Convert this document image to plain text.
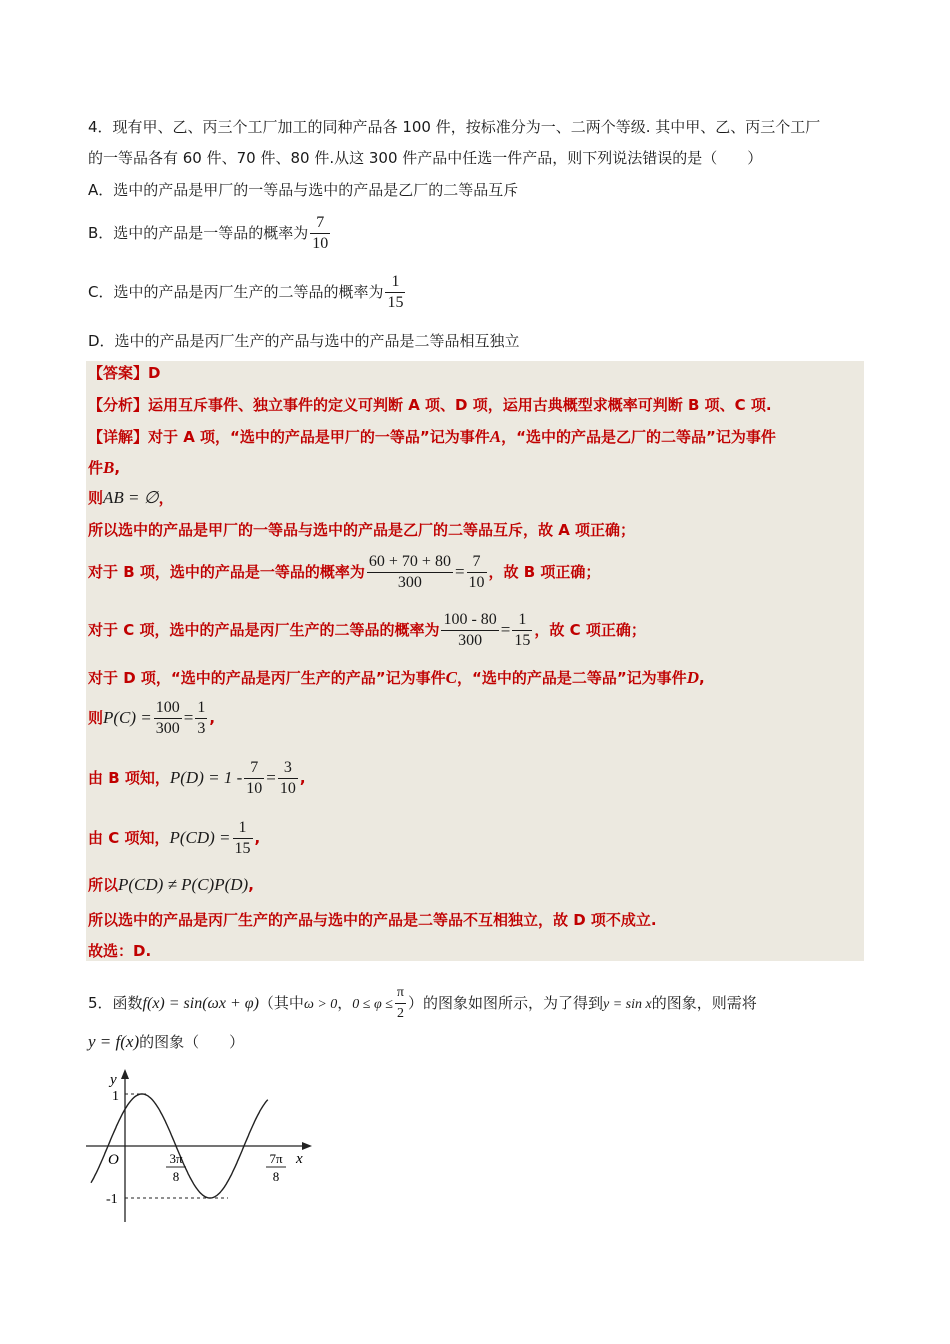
4．现有甲、乙、丙三个工厂加工的同种产品各 100 件，按标准分为一、二两个等级. 其中甲、乙、丙三个工厂
的一等品各有 60 件、70 件、80 件.从这 300 件产品中任选一件产品，则下列说法错误的是（　　）
A．选中的产品是甲厂的一等品与选中的产品是乙厂的二等品互斥
B．选中的产品是一等品的概率为 $\frac{7}{10}$
C．选中的产品是丙厂生产的二等品的概率为 $\frac{1}{15}$
D．选中的产品是丙厂生产的产品与选中的产品是二等品相互独立
【答案】D
【分析】运用互斥事件、独立事件的定义可判断 A 项、D 项，运用古典概型求概率可判断 B 项、C 项.
【详解】对于 A 项，“选中的产品是甲厂的一等品”记为事件A，“选中的产品是乙厂的二等品”记为事件
件B,
则AB = ∅，
所以选中的产品是甲厂的一等品与选中的产品是乙厂的二等品互斥，故 A 项正确；
对于 B 项，选中的产品是一等品的概率为 $\frac{60 + 70 + 80}{300} = \frac{7}{10}$ ，故 B 项正确；
对于 C 项，选中的产品是丙厂生产的二等品的概率为 $\frac{100 - 80}{300} = \frac{1}{15}$ ，故 C 项正确；
对于 D 项，“选中的产品是丙厂生产的产品”记为事件C，“选中的产品是二等品”记为事件D,
则$P(C) = \frac{100}{300} = \frac{1}{3}$ ,
由 B 项知，$P(D) = 1 - \frac{7}{10} = \frac{3}{10}$ ,
由 C 项知，$P(CD) = \frac{1}{15}$ ,
所以P(CD) ≠ P(C)P(D),
所以选中的产品是丙厂生产的产品与选中的产品是二等品不互相独立，故 D 项不成立.
故选：D.
5．函数f(x) = sin(ωx + φ)（其中ω > 0，$0 \le \varphi \le \frac{\pi}{2}$ ）的图象如图所示，为了得到y = sin x的图象，则需将
y = f(x)的图象（　　）
y
x
O
1
-1
3π
8
7π
8
